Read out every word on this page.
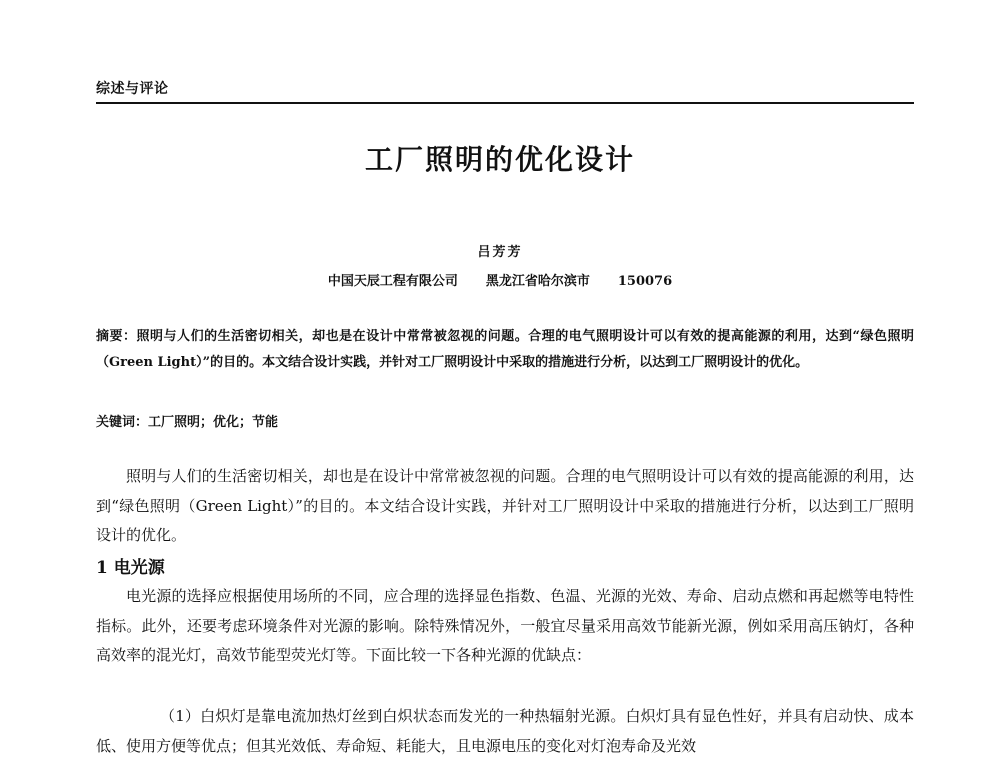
综述与评论
工厂照明的优化设计
吕芳芳
中国天辰工程有限公司 黑龙江省哈尔滨市 150076
摘要：照明与人们的生活密切相关，却也是在设计中常常被忽视的问题。合理的电气照明设计可以有效的提高能源的利用，达到“绿色照明（Green Light）”的目的。本文结合设计实践，并针对工厂照明设计中采取的措施进行分析，以达到工厂照明设计的优化。
关键词：工厂照明；优化；节能

照明与人们的生活密切相关，却也是在设计中常常被忽视的问题。合理的电气照明设计可以有效的提高能源的利用，达到“绿色照明（Green Light）”的目的。本文结合设计实践，并针对工厂照明设计中采取的措施进行分析，以达到工厂照明设计的优化。

1 电光源

电光源的选择应根据使用场所的不同，应合理的选择显色指数、色温、光源的光效、寿命、启动点燃和再起燃等电特性指标。此外，还要考虑环境条件对光源的影响。除特殊情况外，一般宜尽量采用高效节能新光源，例如采用高压钠灯，各种高效率的混光灯，高效节能型荧光灯等。下面比较一下各种光源的优缺点：

（1）白炽灯是靠电流加热灯丝到白炽状态而发光的一种热辐射光源。白炽灯具有显色性好，并具有启动快、成本低、使用方便等优点；但其光效低、寿命短、耗能大，且电源电压的变化对灯泡寿命及光效
